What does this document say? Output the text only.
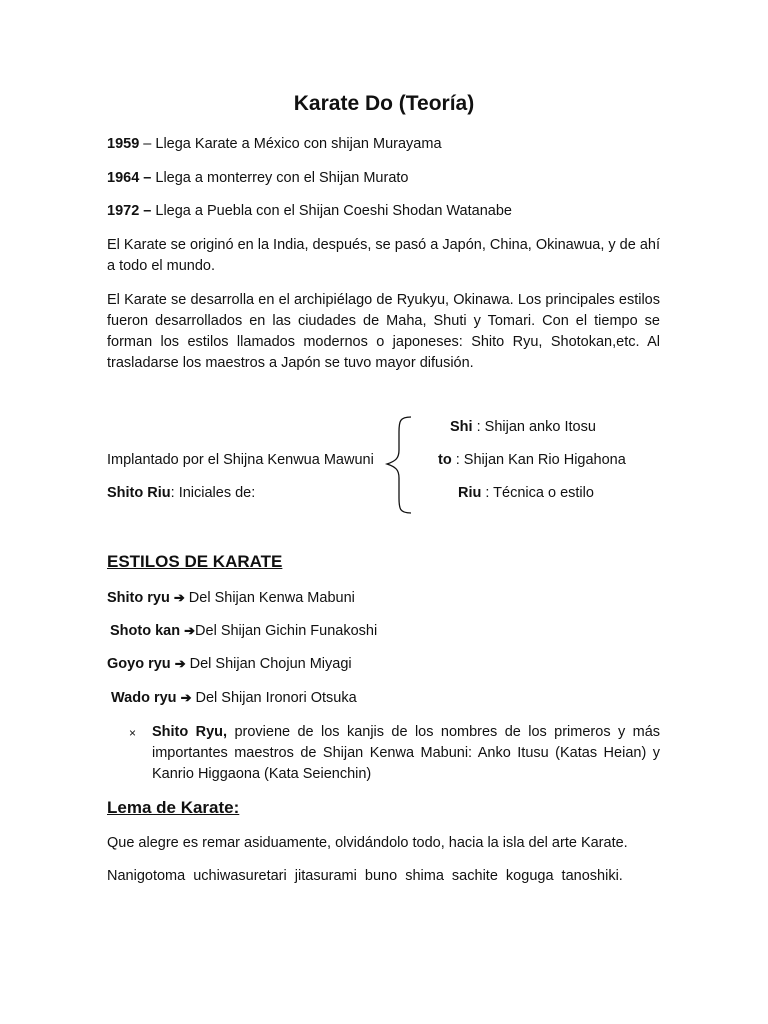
Karate Do (Teoría)
1959 – Llega Karate a México con shijan Murayama
1964 – Llega a monterrey con el Shijan Murato
1972 – Llega a Puebla con el Shijan Coeshi Shodan Watanabe
El Karate se originó en la India, después, se pasó a Japón, China, Okinawua, y de ahí a todo el mundo.
El Karate se desarrolla en el archipiélago de Ryukyu, Okinawa. Los principales estilos fueron desarrollados en las ciudades de Maha, Shuti y Tomari. Con el tiempo se forman los estilos llamados modernos o japoneses: Shito Ryu, Shotokan,etc. Al trasladarse los maestros a Japón se tuvo mayor difusión.
Implantado por el Shijna Kenwua Mawuni
Shito Riu: Iniciales de:
Shi : Shijan anko Itosu
to : Shijan Kan Rio Higahona
Riu : Técnica o estilo
ESTILOS DE KARATE
Shito ryu ➔ Del Shijan Kenwa Mabuni
Shoto kan ➔Del Shijan Gichin Funakoshi
Goyo ryu ➔ Del Shijan Chojun Miyagi
Wado ryu ➔ Del Shijan Ironori Otsuka
× Shito Ryu, proviene de los kanjis de los nombres de los primeros y más importantes maestros de Shijan Kenwa Mabuni: Anko Itusu (Katas Heian) y Kanrio Higgaona (Kata Seienchin)
Lema de Karate:
Que alegre es remar asiduamente, olvidándolo todo, hacia la isla del arte Karate.
Nanigotoma  uchiwasuretari  jitasurami  buno  shima  sachite  koguga  tanoshiki.
